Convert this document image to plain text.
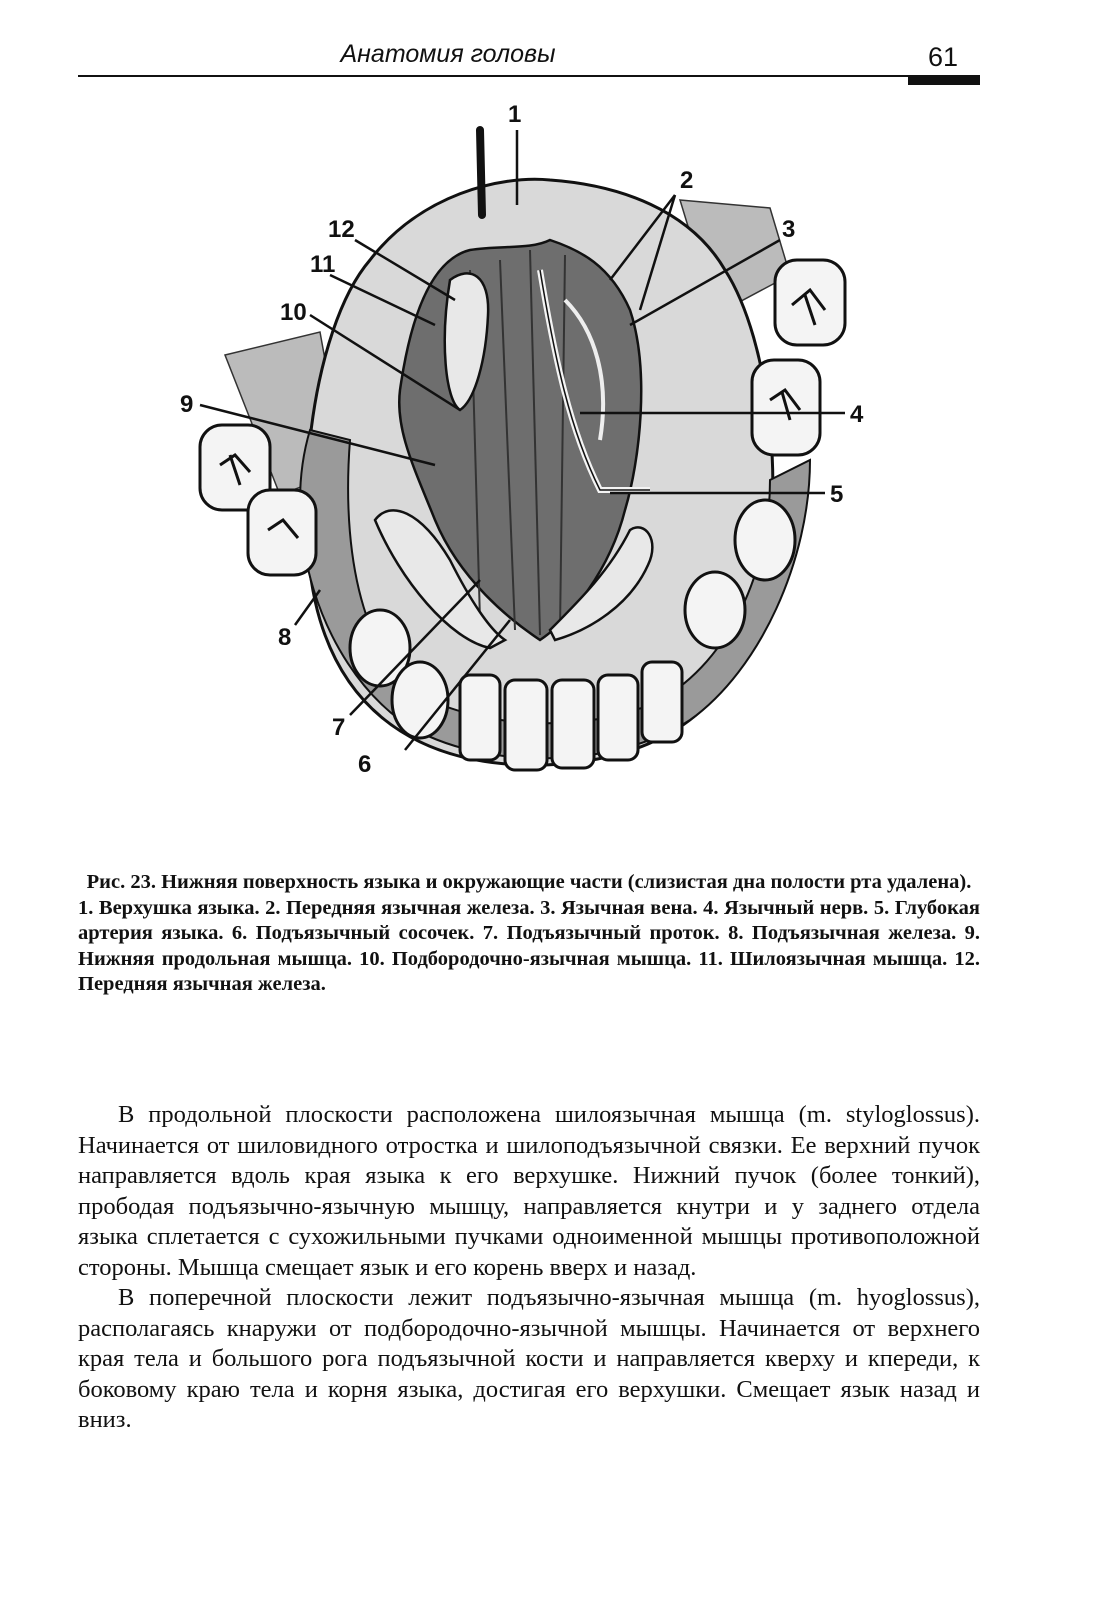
Анатомия головы	61
1
2
3
4
5
6
7
8
9
10
11
12

Рис. 23. Нижняя поверхность языка и окружающие части (слизистая дна полости рта удалена).

1. Верхушка языка. 2. Передняя язычная железа. 3. Язычная вена. 4. Язычный нерв. 5. Глубокая артерия языка. 6. Подъязычный сосочек. 7. Подъязычный проток. 8. Подъязычная железа. 9. Нижняя продольная мышца. 10. Подбородочно-язычная мышца. 11. Шилоязычная мышца. 12. Передняя язычная железа.

В продольной плоскости расположена шилоязычная мышца (m. styloglossus). Начинается от шиловидного отростка и шилоподъязычной связки. Ее верхний пучок направляется вдоль края языка к его верхушке. Нижний пучок (более тонкий), прободая подъязычно-язычную мышцу, направляется кнутри и у заднего отдела языка сплетается с сухожильными пучками одноименной мышцы противоположной стороны. Мышца смещает язык и его корень вверх и назад.

В поперечной плоскости лежит подъязычно-язычная мышца (m. hyoglossus), располагаясь кнаружи от подбородочно-язычной мышцы. Начинается от верхнего края тела и большого рога подъязычной кости и направляется кверху и кпереди, к боковому краю тела и корня языка, достигая его верхушки. Смещает язык назад и вниз.
